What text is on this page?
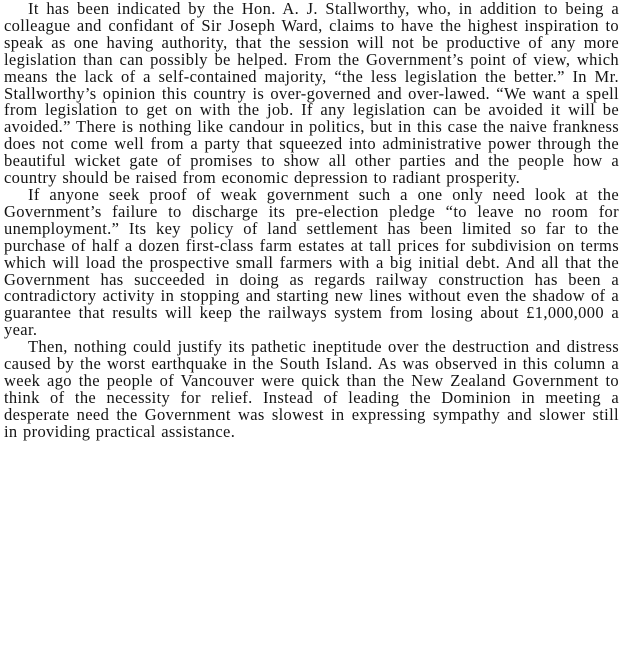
It has been indicated by the Hon. A. J. Stallworthy, who, in addition to being a colleague and confidant of Sir Joseph Ward, claims to have the highest inspiration to speak as one having authority, that the session will not be productive of any more legislation than can possibly be helped. From the Government’s point of view, which means the lack of a self-contained majority, “the less legislation the better.” In Mr. Stallworthy’s opinion this country is over-governed and over-lawed. “We want a spell from legislation to get on with the job. If any legislation can be avoided it will be avoided.” There is nothing like candour in politics, but in this case the naive frankness does not come well from a party that squeezed into administrative power through the beautiful wicket gate of promises to show all other parties and the people how a country should be raised from economic depression to radiant prosperity.

If anyone seek proof of weak government such a one only need look at the Government’s failure to discharge its pre-election pledge “to leave no room for unemployment.” Its key policy of land settlement has been limited so far to the purchase of half a dozen first-class farm estates at tall prices for subdivision on terms which will load the prospective small farmers with a big initial debt. And all that the Government has succeeded in doing as regards railway construction has been a contradictory activity in stopping and starting new lines without even the shadow of a guarantee that results will keep the railways system from losing about £1,000,000 a year.

Then, nothing could justify its pathetic ineptitude over the destruction and distress caused by the worst earthquake in the South Island. As was observed in this column a week ago the people of Vancouver were quick than the New Zealand Government to think of the necessity for relief. Instead of leading the Dominion in meeting a desperate need the Government was slowest in expressing sympathy and slower still in providing practical assistance.
